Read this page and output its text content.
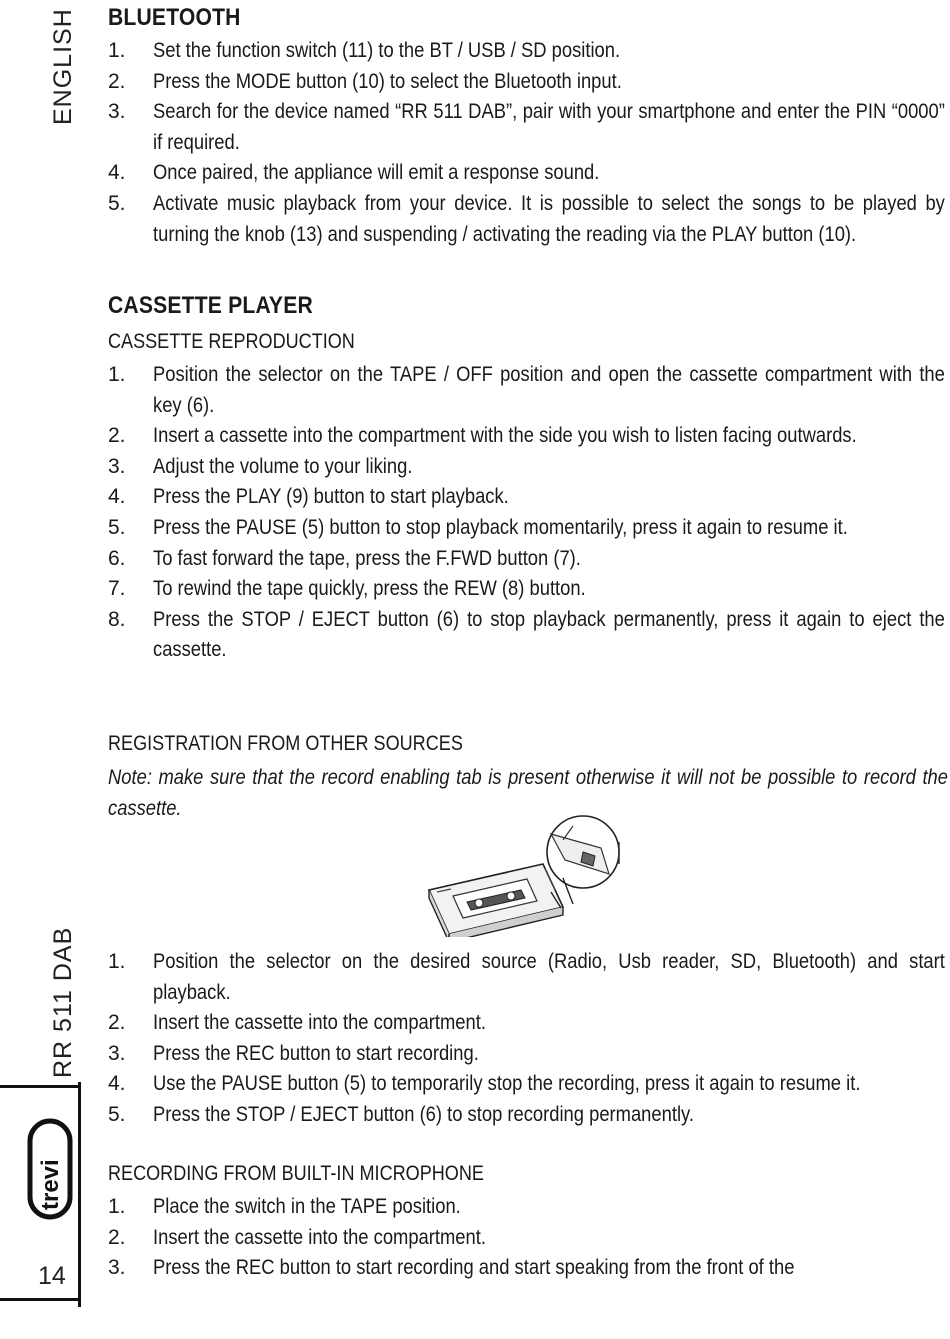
ENGLISH
RR 511 DAB
trevi
14
BLUETOOTH
1. Set the function switch (11) to the BT / USB / SD position.
2. Press the MODE button (10) to select the Bluetooth input.
3. Search for the device named “RR 511 DAB”, pair with your smartphone and enter the PIN “0000” if required.
4. Once paired, the appliance will emit a response sound.
5. Activate music playback from your device. It is possible to select the songs to be played by turning the knob (13) and suspending / activating the reading via the PLAY button (10).
CASSETTE PLAYER
CASSETTE REPRODUCTION
1. Position the selector on the TAPE / OFF position and open the cassette compartment with the key (6).
2. Insert a cassette into the compartment with the side you wish to listen facing outwards.
3. Adjust the volume to your liking.
4. Press the PLAY (9) button to start playback.
5. Press the PAUSE (5) button to stop playback momentarily, press it again to resume it.
6. To fast forward the tape, press the F.FWD button (7).
7. To rewind the tape quickly, press the REW (8) button.
8. Press the STOP / EJECT button (6) to stop playback permanently, press it again to eject the cassette.
REGISTRATION FROM OTHER SOURCES
Note: make sure that the record enabling tab is present otherwise it will not be possible to record the cassette.
1. Position the selector on the desired source (Radio, Usb reader, SD, Bluetooth) and start playback.
2. Insert the cassette into the compartment.
3. Press the REC button to start recording.
4. Use the PAUSE button (5) to temporarily stop the recording, press it again to resume it.
5. Press the STOP / EJECT button (6) to stop recording permanently.
RECORDING FROM BUILT-IN MICROPHONE
1. Place the switch in the TAPE position.
2. Insert the cassette into the compartment.
3. Press the REC button to start recording and start speaking from the front of the
